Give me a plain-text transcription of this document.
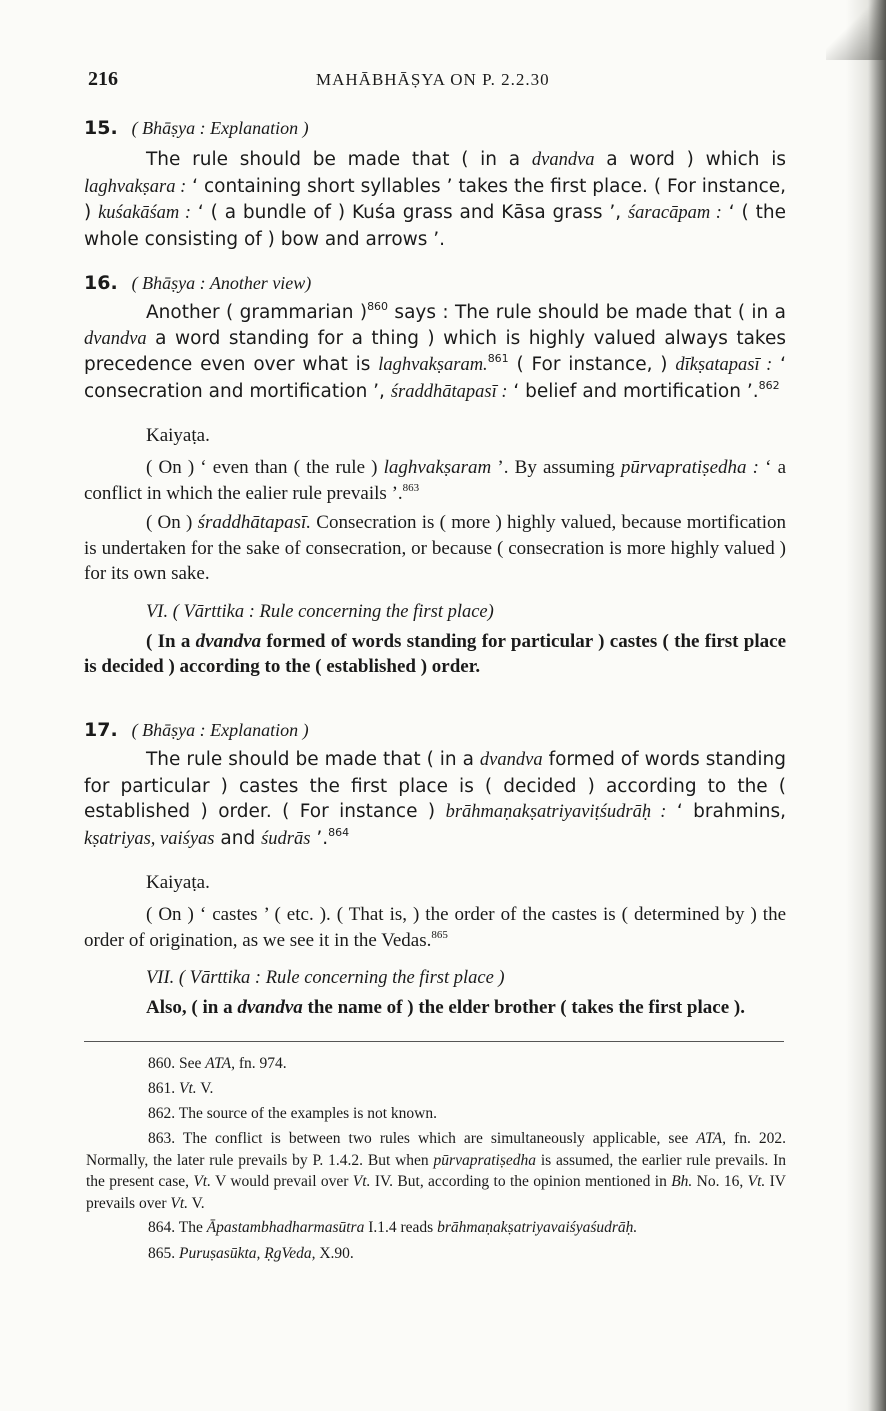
216	MAHĀBHĀṢYA ON P. 2.2.30
15. ( Bhāṣya : Explanation )

The rule should be made that ( in a dvandva a word ) which is laghvakṣara : ‘ containing short syllables ’ takes the first place. ( For instance, ) kuśakāśam : ‘ ( a bundle of ) Kuśa grass and Kāsa grass ’, śaracāpam : ‘ ( the whole consisting of ) bow and arrows ’.

16. ( Bhāṣya : Another view)

Another ( grammarian )$^{860}$ says : The rule should be made that ( in a dvandva a word standing for a thing ) which is highly valued always takes precedence even over what is laghvakṣaram.$^{861}$ ( For instance, ) dīkṣatapasī : ‘ consecration and mortification ’, śraddhātapasī : ‘ belief and mortification ’.$^{862}$

Kaiyaṭa.

( On ) ‘ even than ( the rule ) laghvakṣaram ’. By assuming pūrvapratiṣedha : ‘ a conflict in which the ealier rule prevails ’.$^{863}$

( On ) śraddhātapasī. Consecration is ( more ) highly valued, because mortification is undertaken for the sake of consecration, or because ( consecration is more highly valued ) for its own sake.

VI. ( Vārttika : Rule concerning the first place)

( In a dvandva formed of words standing for particular ) castes ( the first place is decided ) according to the ( established ) order.

17. ( Bhāṣya : Explanation )

The rule should be made that ( in a dvandva formed of words standing for particular ) castes the first place is ( decided ) according to the ( established ) order. ( For instance ) brāhmaṇakṣatriyaviṭśudrāḥ : ‘ brahmins, kṣatriyas, vaiśyas and śudrās ’.$^{864}$

Kaiyaṭa.

( On ) ‘ castes ’ ( etc. ). ( That is, ) the order of the castes is ( determined by ) the order of origination, as we see it in the Vedas.$^{865}$

VII. ( Vārttika : Rule concerning the first place )

Also, ( in a dvandva the name of ) the elder brother ( takes the first place ).

860. See ATA, fn. 974.

861. Vt. V.

862. The source of the examples is not known.

863. The conflict is between two rules which are simultaneously applicable, see ATA, fn. 202. Normally, the later rule prevails by P. 1.4.2. But when pūrvapratiṣedha is assumed, the earlier rule prevails. In the present case, Vt. V would prevail over Vt. IV. But, according to the opinion mentioned in Bh. No. 16, Vt. IV prevails over Vt. V.

864. The Āpastambhadharmasūtra I.1.4 reads brāhmaṇakṣatriyavaiśyaśudrāḥ.

865. Puruṣasūkta, ṚgVeda, X.90.
